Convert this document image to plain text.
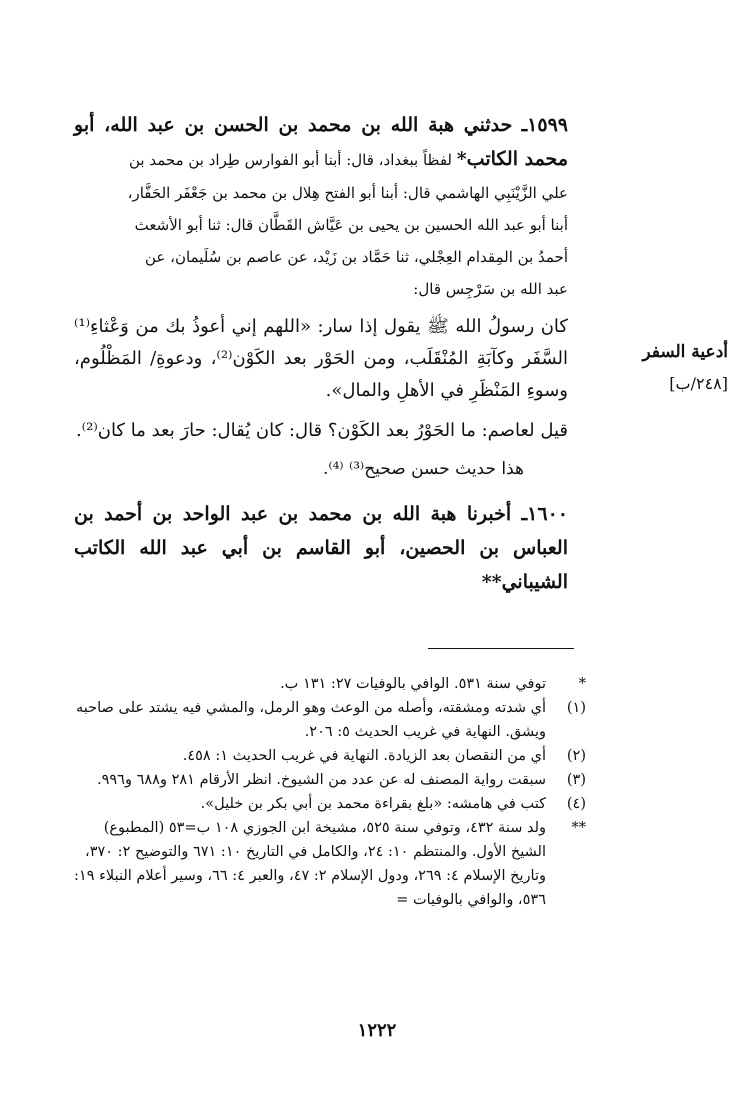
١٥٩٩ـ حدثني هبة الله بن محمد بن الحسن بن عبد الله، أبو محمد الكاتب* لفظاً ببغداد، قال: أبنا أبو الفوارس طِراد بن محمد بن

علي الزَّيْنَبِي الهاشمي قال: أبنا أبو الفتح هِلال بن محمد بن جَعْفَر الحَفَّار،

أبنا أبو عبد الله الحسين بن يحيى بن عَيَّاش القَطَّان قال: ثنا أبو الأشعث

أحمدُ بن المِقدام العِجْلي، ثنا حَمَّاد بن زَيْد، عن عاصم بن سُلَيمان، عن

عبد الله بن سَرْجِس قال:

كان رسولُ الله ﷺ يقول إذا سار: «اللهم إني أعوذُ بك من وَعْثاءِ⁽¹⁾ السَّفَر وكآبَةِ المُنْقَلَب، ومن الحَوْر بعد الكَوْن⁽²⁾، ودعوةِ/ المَظْلُوم، وسوءِ المَنْظَرِ في الأهلِ والمال».

قيل لعاصم: ما الحَوْرُ بعد الكَوْن؟ قال: كان يُقال: حارَ بعد ما كان⁽²⁾.

هذا حديث حسن صحيح⁽³⁾ ⁽⁴⁾.

١٦٠٠ـ أخبرنا هبة الله بن محمد بن عبد الواحد بن أحمد بن العباس بن الحصين، أبو القاسم بن أبي عبد الله الكاتب الشيباني**

أدعية السفر
[٢٤٨/ب]
*
توفي سنة ٥٣١. الوافي بالوفيات ٢٧: ١٣١ ب.
(١)
أي شدته ومشقته، وأصله من الوعث وهو الرمل، والمشي فيه يشتد على صاحبه ويشق. النهاية في غريب الحديث ٥: ٢٠٦.
(٢)
أي من النقصان بعد الزيادة. النهاية في غريب الحديث ١: ٤٥٨.
(٣)
سبقت رواية المصنف له عن عدد من الشيوخ. انظر الأرقام ٢٨١ و٦٨٨ و٩٩٦.
(٤)
كتب في هامشه: «بلغ بقراءة محمد بن أبي بكر بن خليل».
**
ولد سنة ٤٣٢، وتوفي سنة ٥٢٥، مشيخة ابن الجوزي ١٠٨ ب=٥٣ (المطبوع) الشيخ الأول. والمنتظم ١٠: ٢٤، والكامل في التاريخ ١٠: ٦٧١ والتوضيح ٢: ٣٧٠، وتاريخ الإسلام ٤: ٢٦٩، ودول الإسلام ٢: ٤٧، والعبر ٤: ٦٦، وسير أعلام النبلاء ١٩: ٥٣٦، والوافي بالوفيات =
١٢٢٢
